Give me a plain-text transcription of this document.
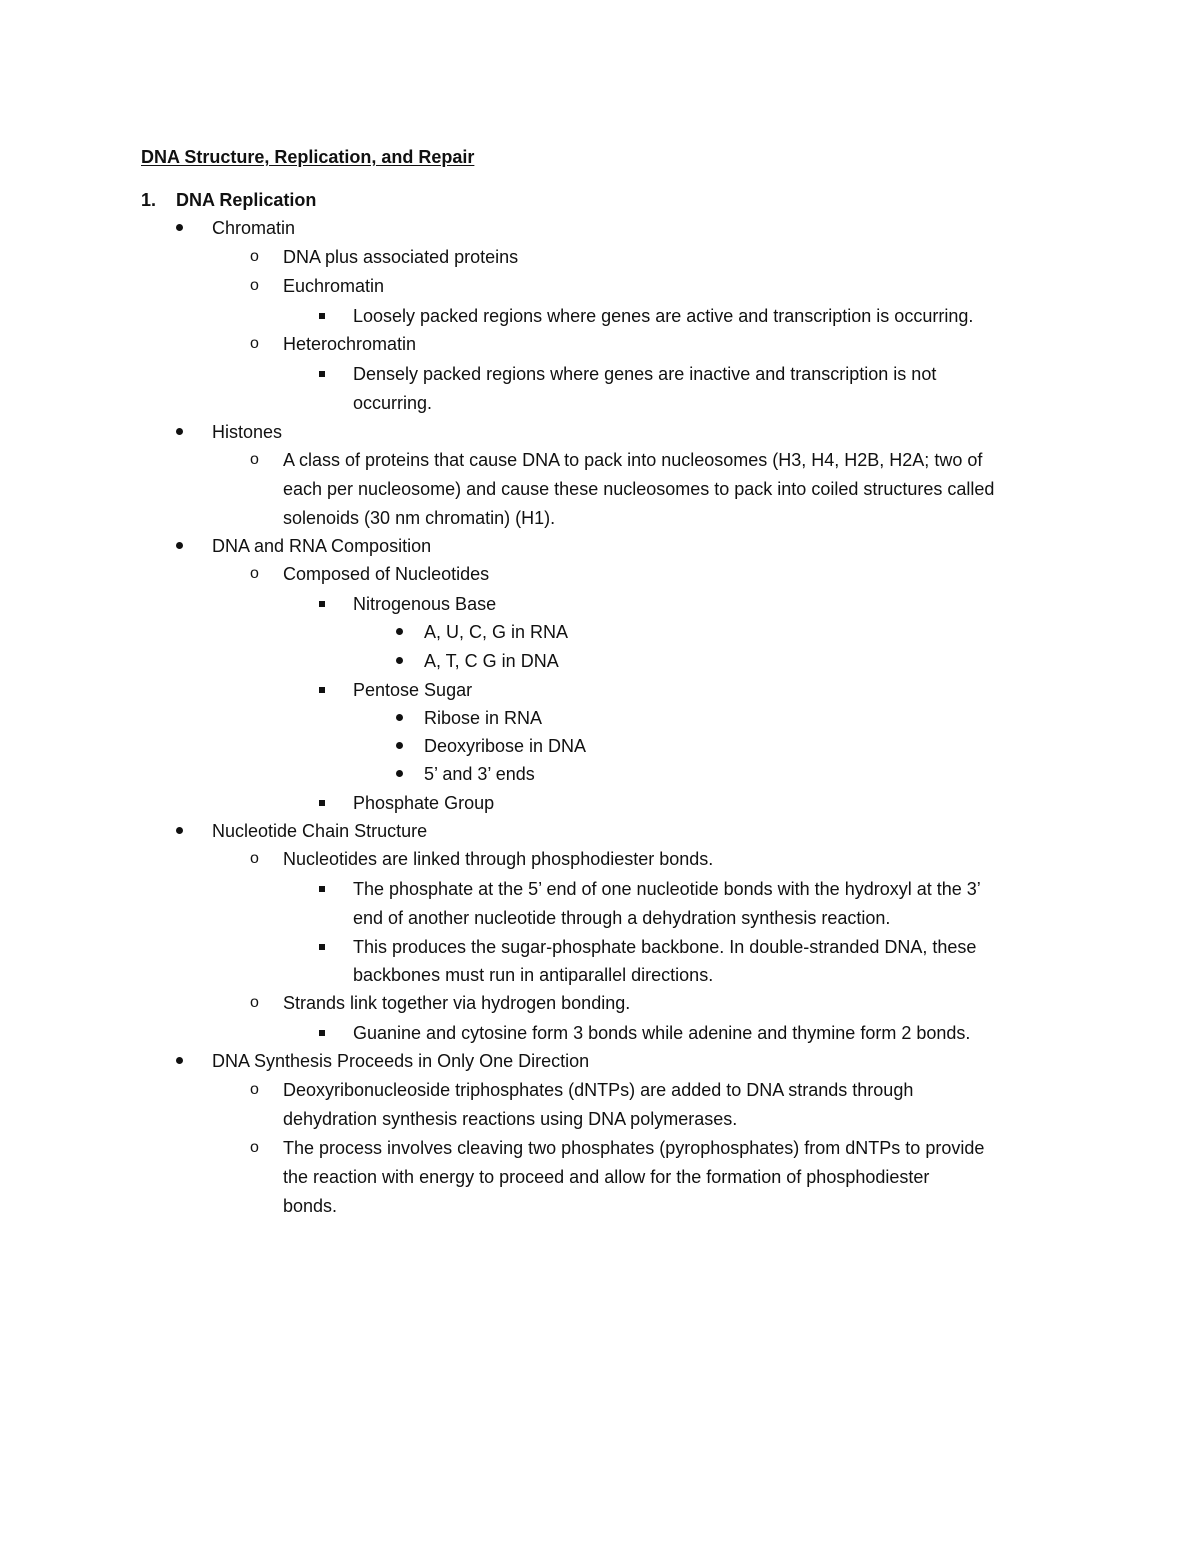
DNA Structure, Replication, and Repair
1. DNA Replication
Chromatin
o DNA plus associated proteins
o Euchromatin
Loosely packed regions where genes are active and transcription is occurring.
o Heterochromatin
Densely packed regions where genes are inactive and transcription is not
occurring.
Histones
o A class of proteins that cause DNA to pack into nucleosomes (H3, H4, H2B, H2A; two of
each per nucleosome) and cause these nucleosomes to pack into coiled structures called
solenoids (30 nm chromatin) (H1).
DNA and RNA Composition
o Composed of Nucleotides
Nitrogenous Base
A, U, C, G in RNA
A, T, C G in DNA
Pentose Sugar
Ribose in RNA
Deoxyribose in DNA
5’ and 3’ ends
Phosphate Group
Nucleotide Chain Structure
o Nucleotides are linked through phosphodiester bonds.
The phosphate at the 5’ end of one nucleotide bonds with the hydroxyl at the 3’
end of another nucleotide through a dehydration synthesis reaction.
This produces the sugar-phosphate backbone. In double-stranded DNA, these
backbones must run in antiparallel directions.
o Strands link together via hydrogen bonding.
Guanine and cytosine form 3 bonds while adenine and thymine form 2 bonds.
DNA Synthesis Proceeds in Only One Direction
o Deoxyribonucleoside triphosphates (dNTPs) are added to DNA strands through
dehydration synthesis reactions using DNA polymerases.
o The process involves cleaving two phosphates (pyrophosphates) from dNTPs to provide
the reaction with energy to proceed and allow for the formation of phosphodiester
bonds.
